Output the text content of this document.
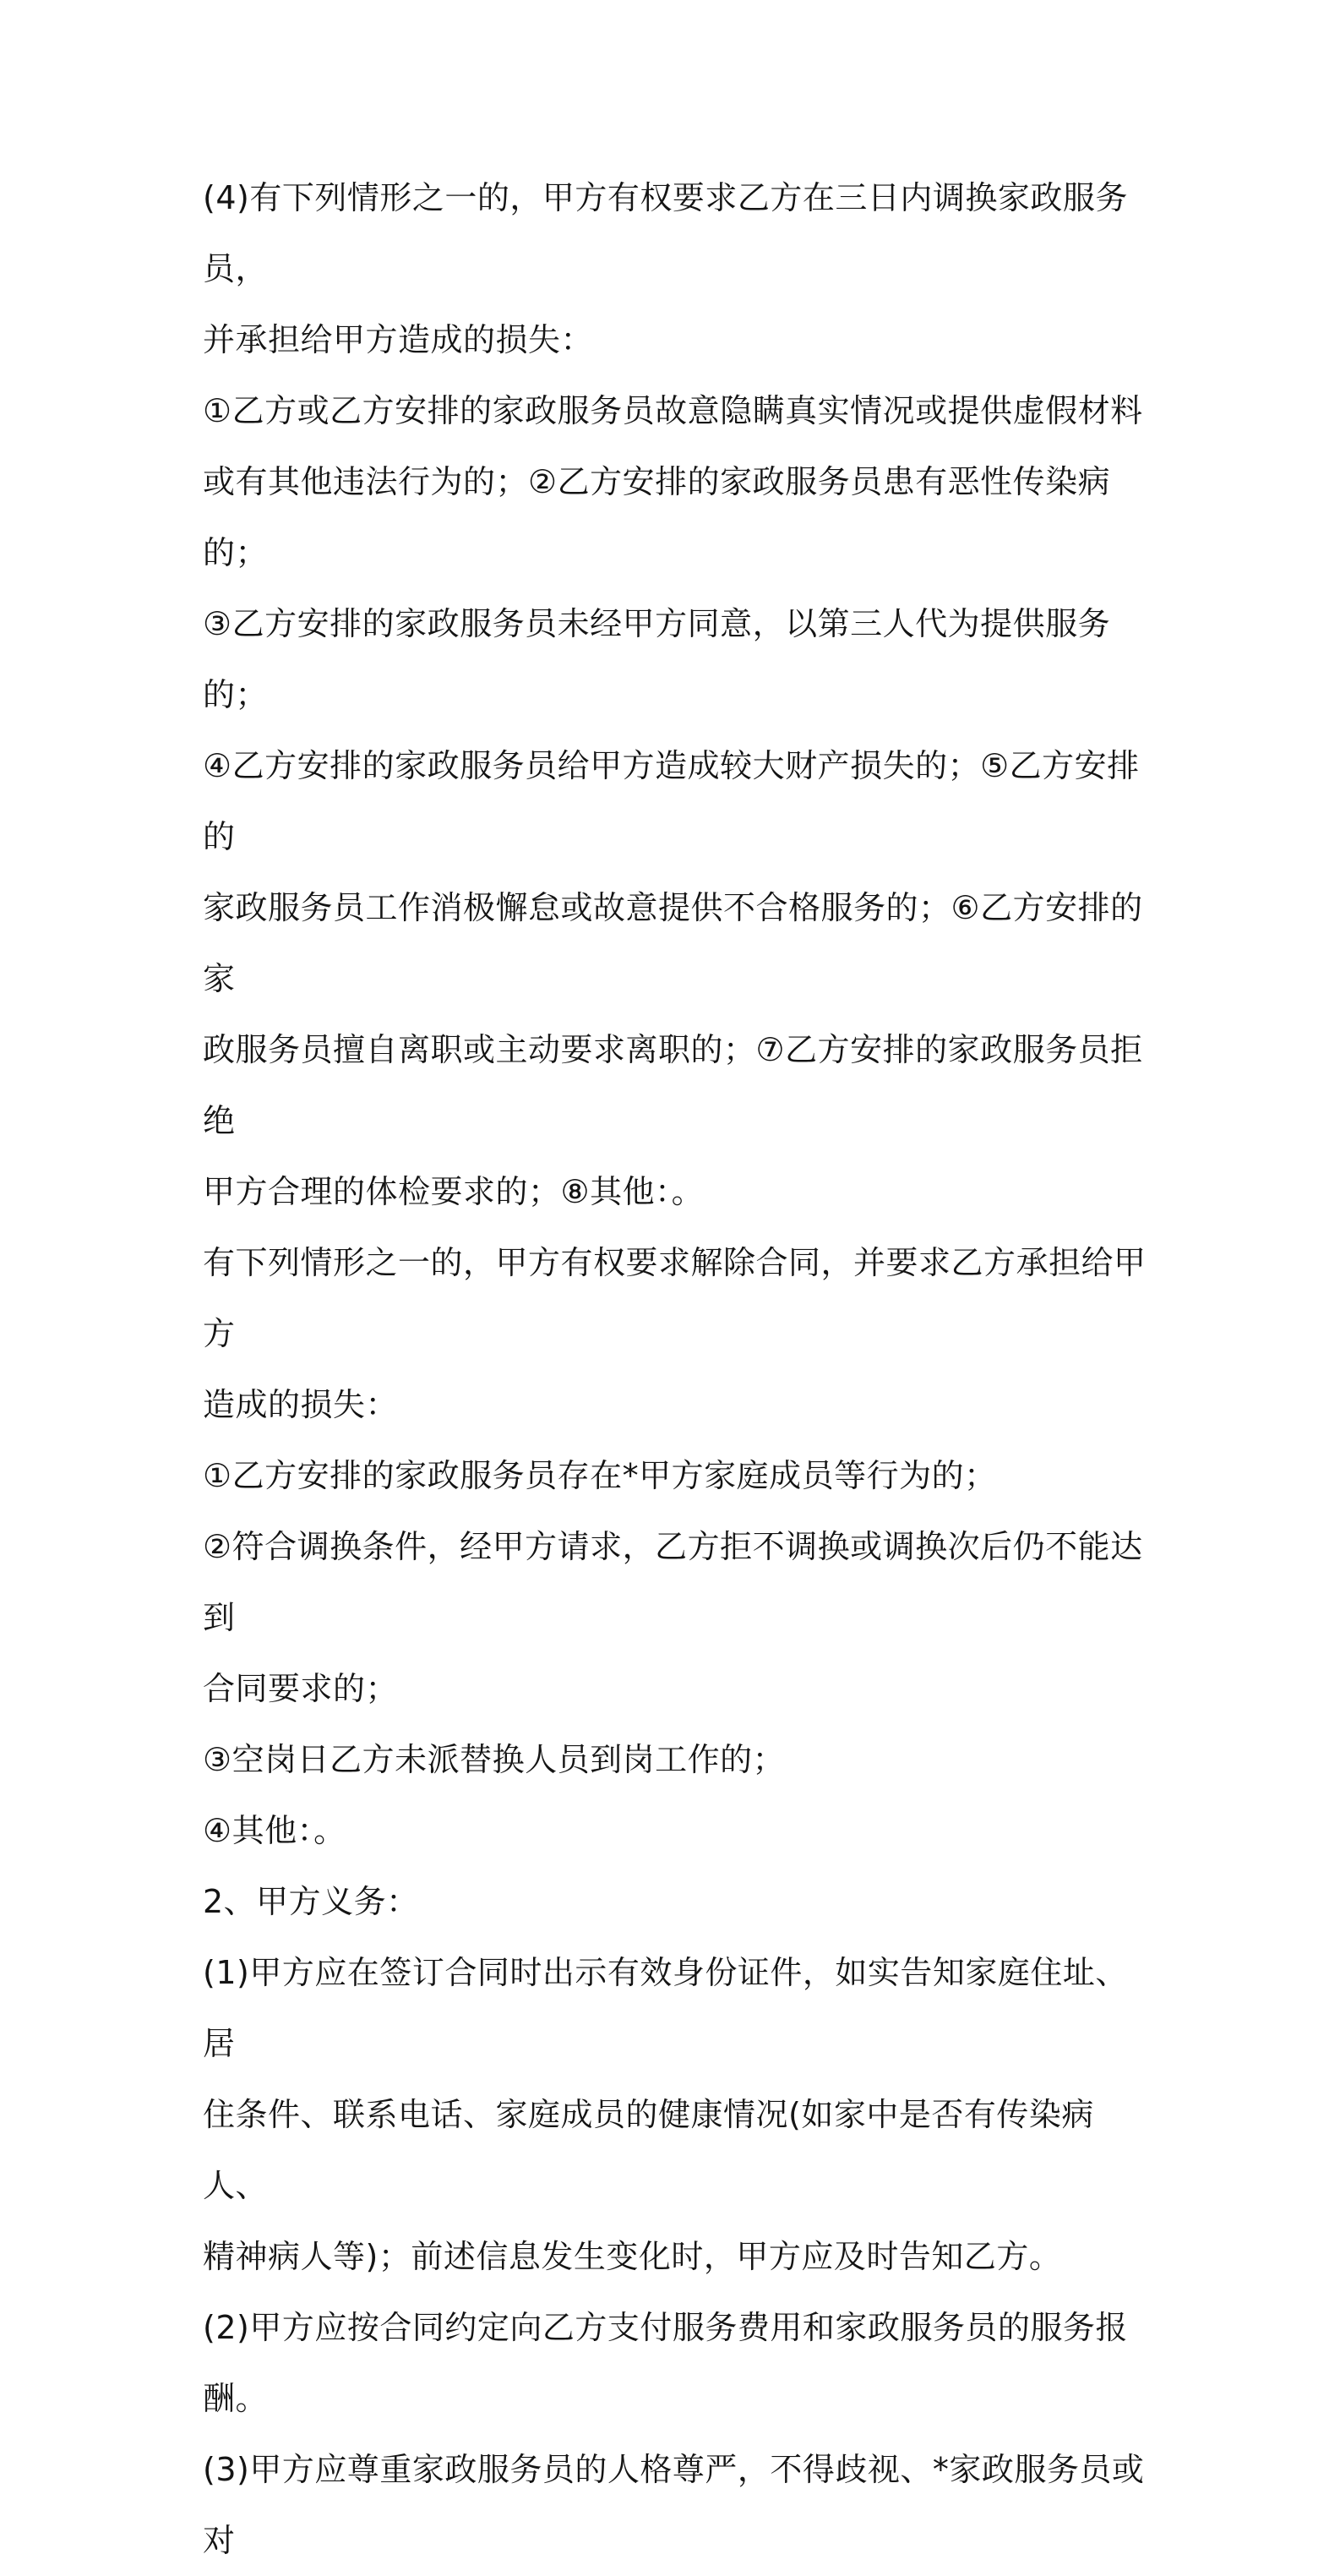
(4)有下列情形之一的，甲方有权要求乙方在三日内调换家政服务员，

并承担给甲方造成的损失：

①乙方或乙方安排的家政服务员故意隐瞒真实情况或提供虚假材料

或有其他违法行为的；②乙方安排的家政服务员患有恶性传染病的；

③乙方安排的家政服务员未经甲方同意，以第三人代为提供服务的；

④乙方安排的家政服务员给甲方造成较大财产损失的；⑤乙方安排的

家政服务员工作消极懈怠或故意提供不合格服务的；⑥乙方安排的家

政服务员擅自离职或主动要求离职的；⑦乙方安排的家政服务员拒绝

甲方合理的体检要求的；⑧其他：。

有下列情形之一的，甲方有权要求解除合同，并要求乙方承担给甲方

造成的损失：

①乙方安排的家政服务员存在*甲方家庭成员等行为的；

②符合调换条件，经甲方请求，乙方拒不调换或调换次后仍不能达到

合同要求的；

③空岗日乙方未派替换人员到岗工作的；

④其他：。

2、甲方义务：

(1)甲方应在签订合同时出示有效身份证件，如实告知家庭住址、居

住条件、联系电话、家庭成员的健康情况(如家中是否有传染病人、

精神病人等)；前述信息发生变化时，甲方应及时告知乙方。

(2)甲方应按合同约定向乙方支付服务费用和家政服务员的服务报酬。

(3)甲方应尊重家政服务员的人格尊严，不得歧视、*家政服务员或对
